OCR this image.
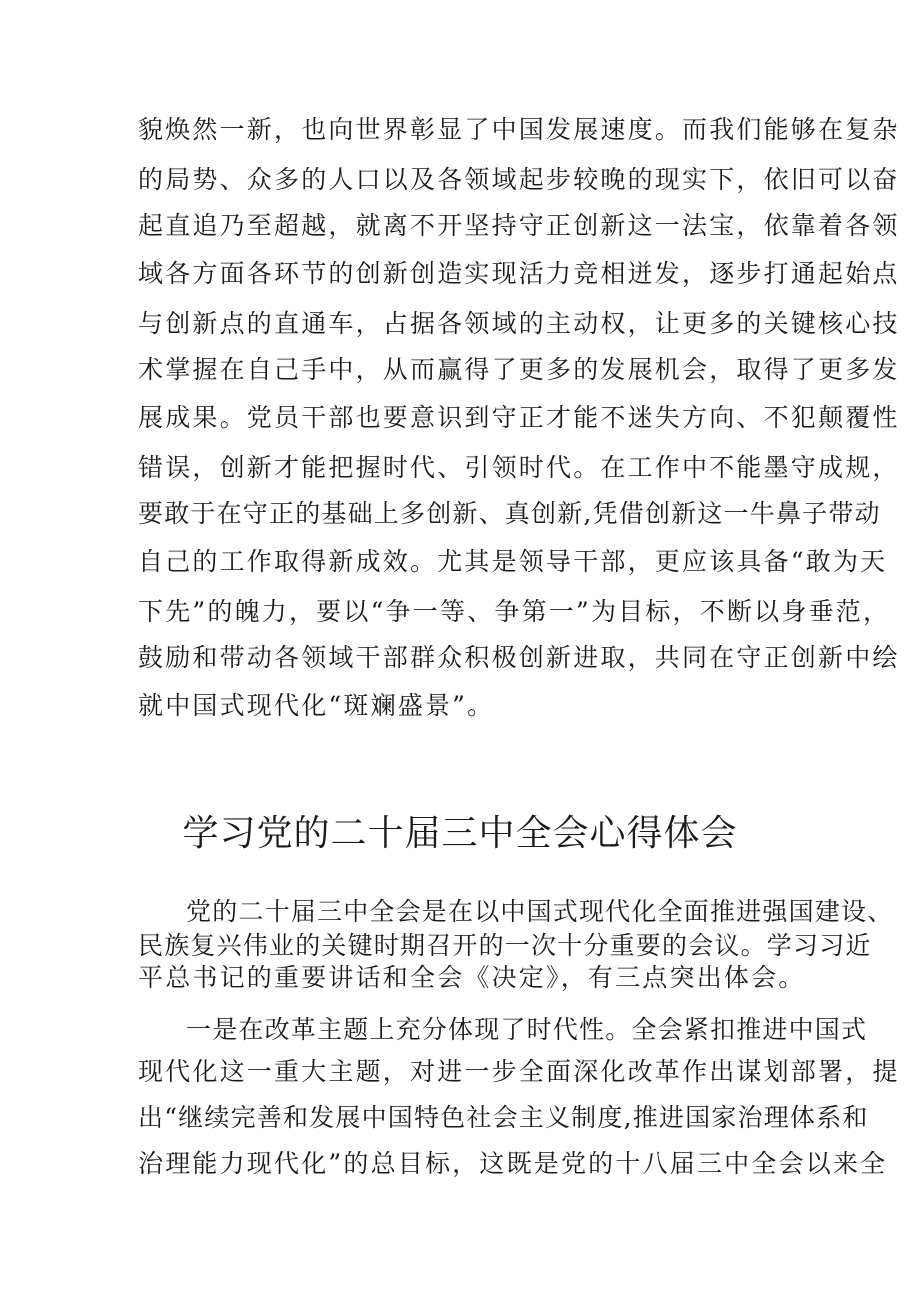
貌焕然一新，也向世界彰显了中国发展速度。而我们能够在复杂
的局势、众多的人口以及各领域起步较晚的现实下，依旧可以奋
起直追乃至超越，就离不开坚持守正创新这一法宝，依靠着各领
域各方面各环节的创新创造实现活力竞相迸发，逐步打通起始点
与创新点的直通车，占据各领域的主动权，让更多的关键核心技
术掌握在自己手中，从而赢得了更多的发展机会，取得了更多发
展成果。党员干部也要意识到守正才能不迷失方向、不犯颠覆性
错误，创新才能把握时代、引领时代。在工作中不能墨守成规，
要敢于在守正的基础上多创新、真创新,凭借创新这一牛鼻子带动
自己的工作取得新成效。尤其是领导干部，更应该具备“敢为天
下先”的魄力，要以“争一等、争第一”为目标，不断以身垂范，
鼓励和带动各领域干部群众积极创新进取，共同在守正创新中绘
就中国式现代化“斑斓盛景”。
学习党的二十届三中全会心得体会
党的二十届三中全会是在以中国式现代化全面推进强国建设、
民族复兴伟业的关键时期召开的一次十分重要的会议。学习习近
平总书记的重要讲话和全会《决定》，有三点突出体会。
一是在改革主题上充分体现了时代性。全会紧扣推进中国式
现代化这一重大主题，对进一步全面深化改革作出谋划部署，提
出“继续完善和发展中国特色社会主义制度,推进国家治理体系和
治理能力现代化”的总目标，这既是党的十八届三中全会以来全
